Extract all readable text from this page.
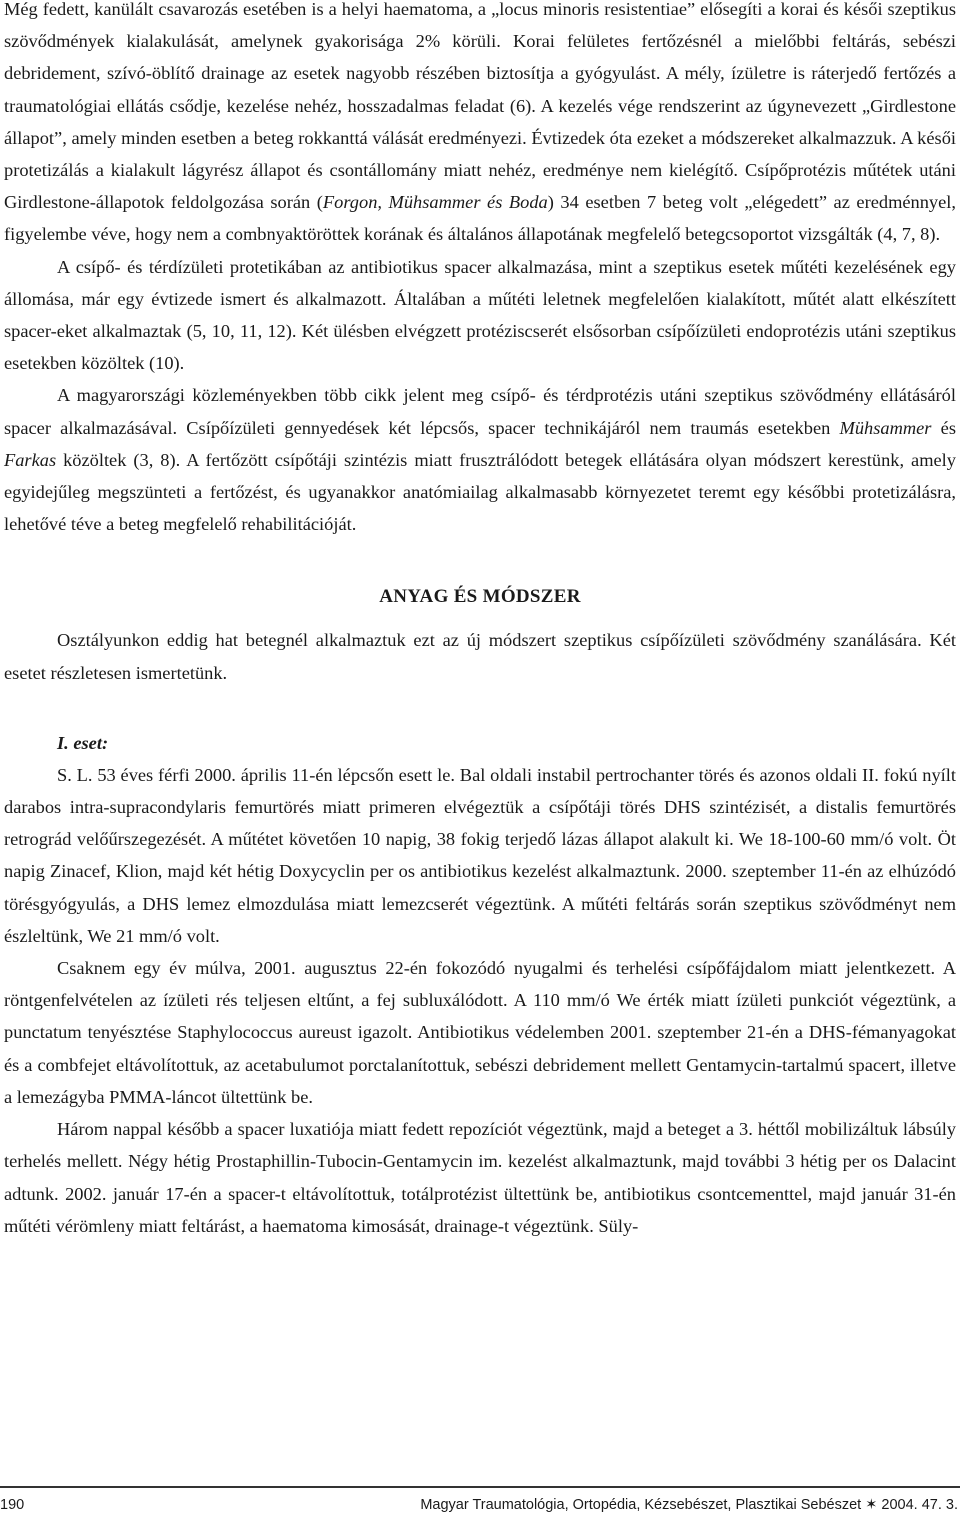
Még fedett, kanülált csavarozás esetében is a helyi haematoma, a „locus minoris resistentiae” elősegíti a korai és késői szeptikus szövődmények kialakulását, amelynek gyakorisága 2% körüli. Korai felületes fertőzésnél a mielőbbi feltárás, sebészi debridement, szívó-öblítő drainage az esetek nagyobb részében biztosítja a gyógyulást. A mély, ízületre is ráterjedő fertőzés a traumatológiai ellátás csődje, kezelése nehéz, hosszadalmas feladat (6). A kezelés vége rendszerint az úgynevezett „Girdlestone állapot”, amely minden esetben a beteg rokkanttá válását eredményezi. Évtizedek óta ezeket a módszereket alkalmazzuk. A késői protetizálás a kialakult lágyrész állapot és csontállomány miatt nehéz, eredménye nem kielégítő. Csípőprotézis műtétek utáni Girdlestone-állapotok feldolgozása során (Forgon, Mühsammer és Boda) 34 esetben 7 beteg volt „elégedett” az eredménnyel, figyelembe véve, hogy nem a combnyaktöröttek korának és általános állapotának megfelelő betegcsoportot vizsgálták (4, 7, 8).

A csípő- és térdízületi protetikában az antibiotikus spacer alkalmazása, mint a szeptikus esetek műtéti kezelésének egy állomása, már egy évtizede ismert és alkalmazott. Általában a műtéti leletnek megfelelően kialakított, műtét alatt elkészített spacer-eket alkalmaztak (5, 10, 11, 12). Két ülésben elvégzett protéziscserét elsősorban csípőízületi endoprotézis utáni szeptikus esetekben közöltek (10).

A magyarországi közleményekben több cikk jelent meg csípő- és térdprotézis utáni szeptikus szövődmény ellátásáról spacer alkalmazásával. Csípőízületi gennyedések két lépcsős, spacer technikájáról nem traumás esetekben Mühsammer és Farkas közöltek (3, 8). A fertőzött csípőtáji szintézis miatt frusztrálódott betegek ellátására olyan módszert kerestünk, amely egyidejűleg megszünteti a fertőzést, és ugyanakkor anatómiailag alkalmasabb környezetet teremt egy későbbi protetizálásra, lehetővé téve a beteg megfelelő rehabilitációját.

ANYAG ÉS MÓDSZER

Osztályunkon eddig hat betegnél alkalmaztuk ezt az új módszert szeptikus csípőízületi szövődmény szanálására. Két esetet részletesen ismertetünk.

I. eset:

S. L. 53 éves férfi 2000. április 11-én lépcsőn esett le. Bal oldali instabil pertrochanter törés és azonos oldali II. fokú nyílt darabos intra-supracondylaris femurtörés miatt primeren elvégeztük a csípőtáji törés DHS szintézisét, a distalis femurtörés retrográd velőűrszegezését. A műtétet követően 10 napig, 38 fokig terjedő lázas állapot alakult ki. We 18-100-60 mm/ó volt. Öt napig Zinacef, Klion, majd két hétig Doxycyclin per os antibiotikus kezelést alkalmaztunk. 2000. szeptember 11-én az elhúzódó törésgyógyulás, a DHS lemez elmozdulása miatt lemezcserét végeztünk. A műtéti feltárás során szeptikus szövődményt nem észleltünk, We 21 mm/ó volt.

Csaknem egy év múlva, 2001. augusztus 22-én fokozódó nyugalmi és terhelési csípőfájdalom miatt jelentkezett. A röntgenfelvételen az ízületi rés teljesen eltűnt, a fej subluxálódott. A 110 mm/ó We érték miatt ízületi punkciót végeztünk, a punctatum tenyésztése Staphylococcus aureust igazolt. Antibiotikus védelemben 2001. szeptember 21-én a DHS-fémanyagokat és a combfejet eltávolítottuk, az acetabulumot porctalanítottuk, sebészi debridement mellett Gentamycin-tartalmú spacert, illetve a lemezágyba PMMA-láncot ültettünk be.

Három nappal később a spacer luxatiója miatt fedett repozíciót végeztünk, majd a beteget a 3. héttől mobilizáltuk lábsúly terhelés mellett. Négy hétig Prostaphillin-Tubocin-Gentamycin im. kezelést alkalmaztunk, majd további 3 hétig per os Dalacint adtunk. 2002. január 17-én a spacer-t eltávolítottuk, totálprotézist ültettünk be, antibiotikus csontcementtel, majd január 31-én műtéti vérömleny miatt feltárást, a haematoma kimosását, drainage-t végeztünk. Süly-

190	Magyar Traumatológia, Ortopédia, Kézsebészet, Plasztikai Sebészet ✶ 2004. 47. 3.
